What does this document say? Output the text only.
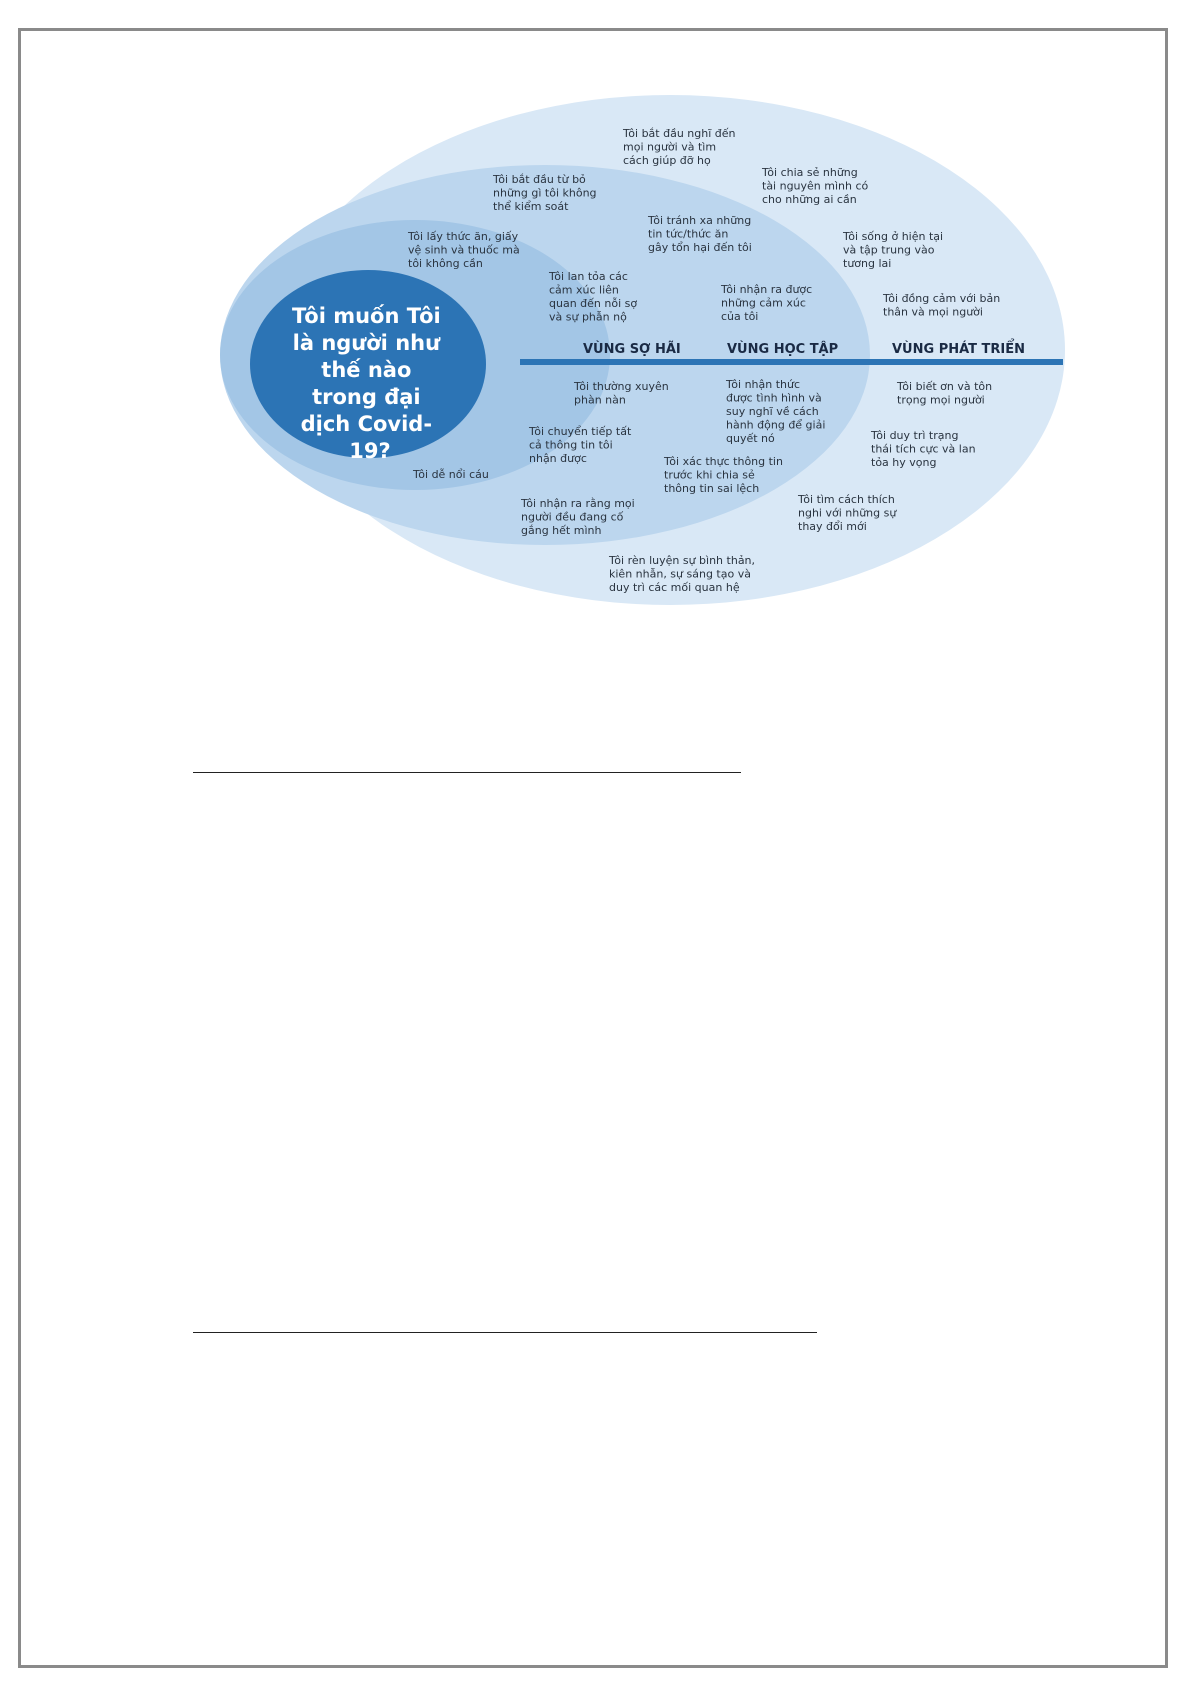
Tôi muốn Tôi là người như thế nào trong đại dịch Covid- 19?
VÙNG SỢ HÃI	VÙNG HỌC TẬP	VÙNG PHÁT TRIỂN
Tôi lấy thức ăn, giấy vệ sinh và thuốc mà tôi không cần
Tôi lan tỏa các cảm xúc liên quan đến nỗi sợ và sự phẫn nộ
Tôi thường xuyên phàn nàn
Tôi chuyển tiếp tất cả thông tin tôi nhận được
Tôi dễ nổi cáu
Tôi bắt đầu từ bỏ những gì tôi không thể kiểm soát
Tôi tránh xa những tin tức/thức ăn gây tổn hại đến tôi
Tôi nhận ra được những cảm xúc của tôi
Tôi nhận thức được tình hình và suy nghĩ về cách hành động để giải quyết nó
Tôi xác thực thông tin trước khi chia sẻ thông tin sai lệch
Tôi nhận ra rằng mọi người đều đang cố gắng hết mình
Tôi bắt đầu nghĩ đến mọi người và tìm cách giúp đỡ họ
Tôi chia sẻ những tài nguyên mình có cho những ai cần
Tôi sống ở hiện tại và tập trung vào tương lai
Tôi đồng cảm với bản thân và mọi người
Tôi biết ơn và tôn trọng mọi người
Tôi duy trì trạng thái tích cực và lan tỏa hy vọng
Tôi tìm cách thích nghi với những sự thay đổi mới
Tôi rèn luyện sự bình thản, kiên nhẫn, sự sáng tạo và duy trì các mối quan hệ
